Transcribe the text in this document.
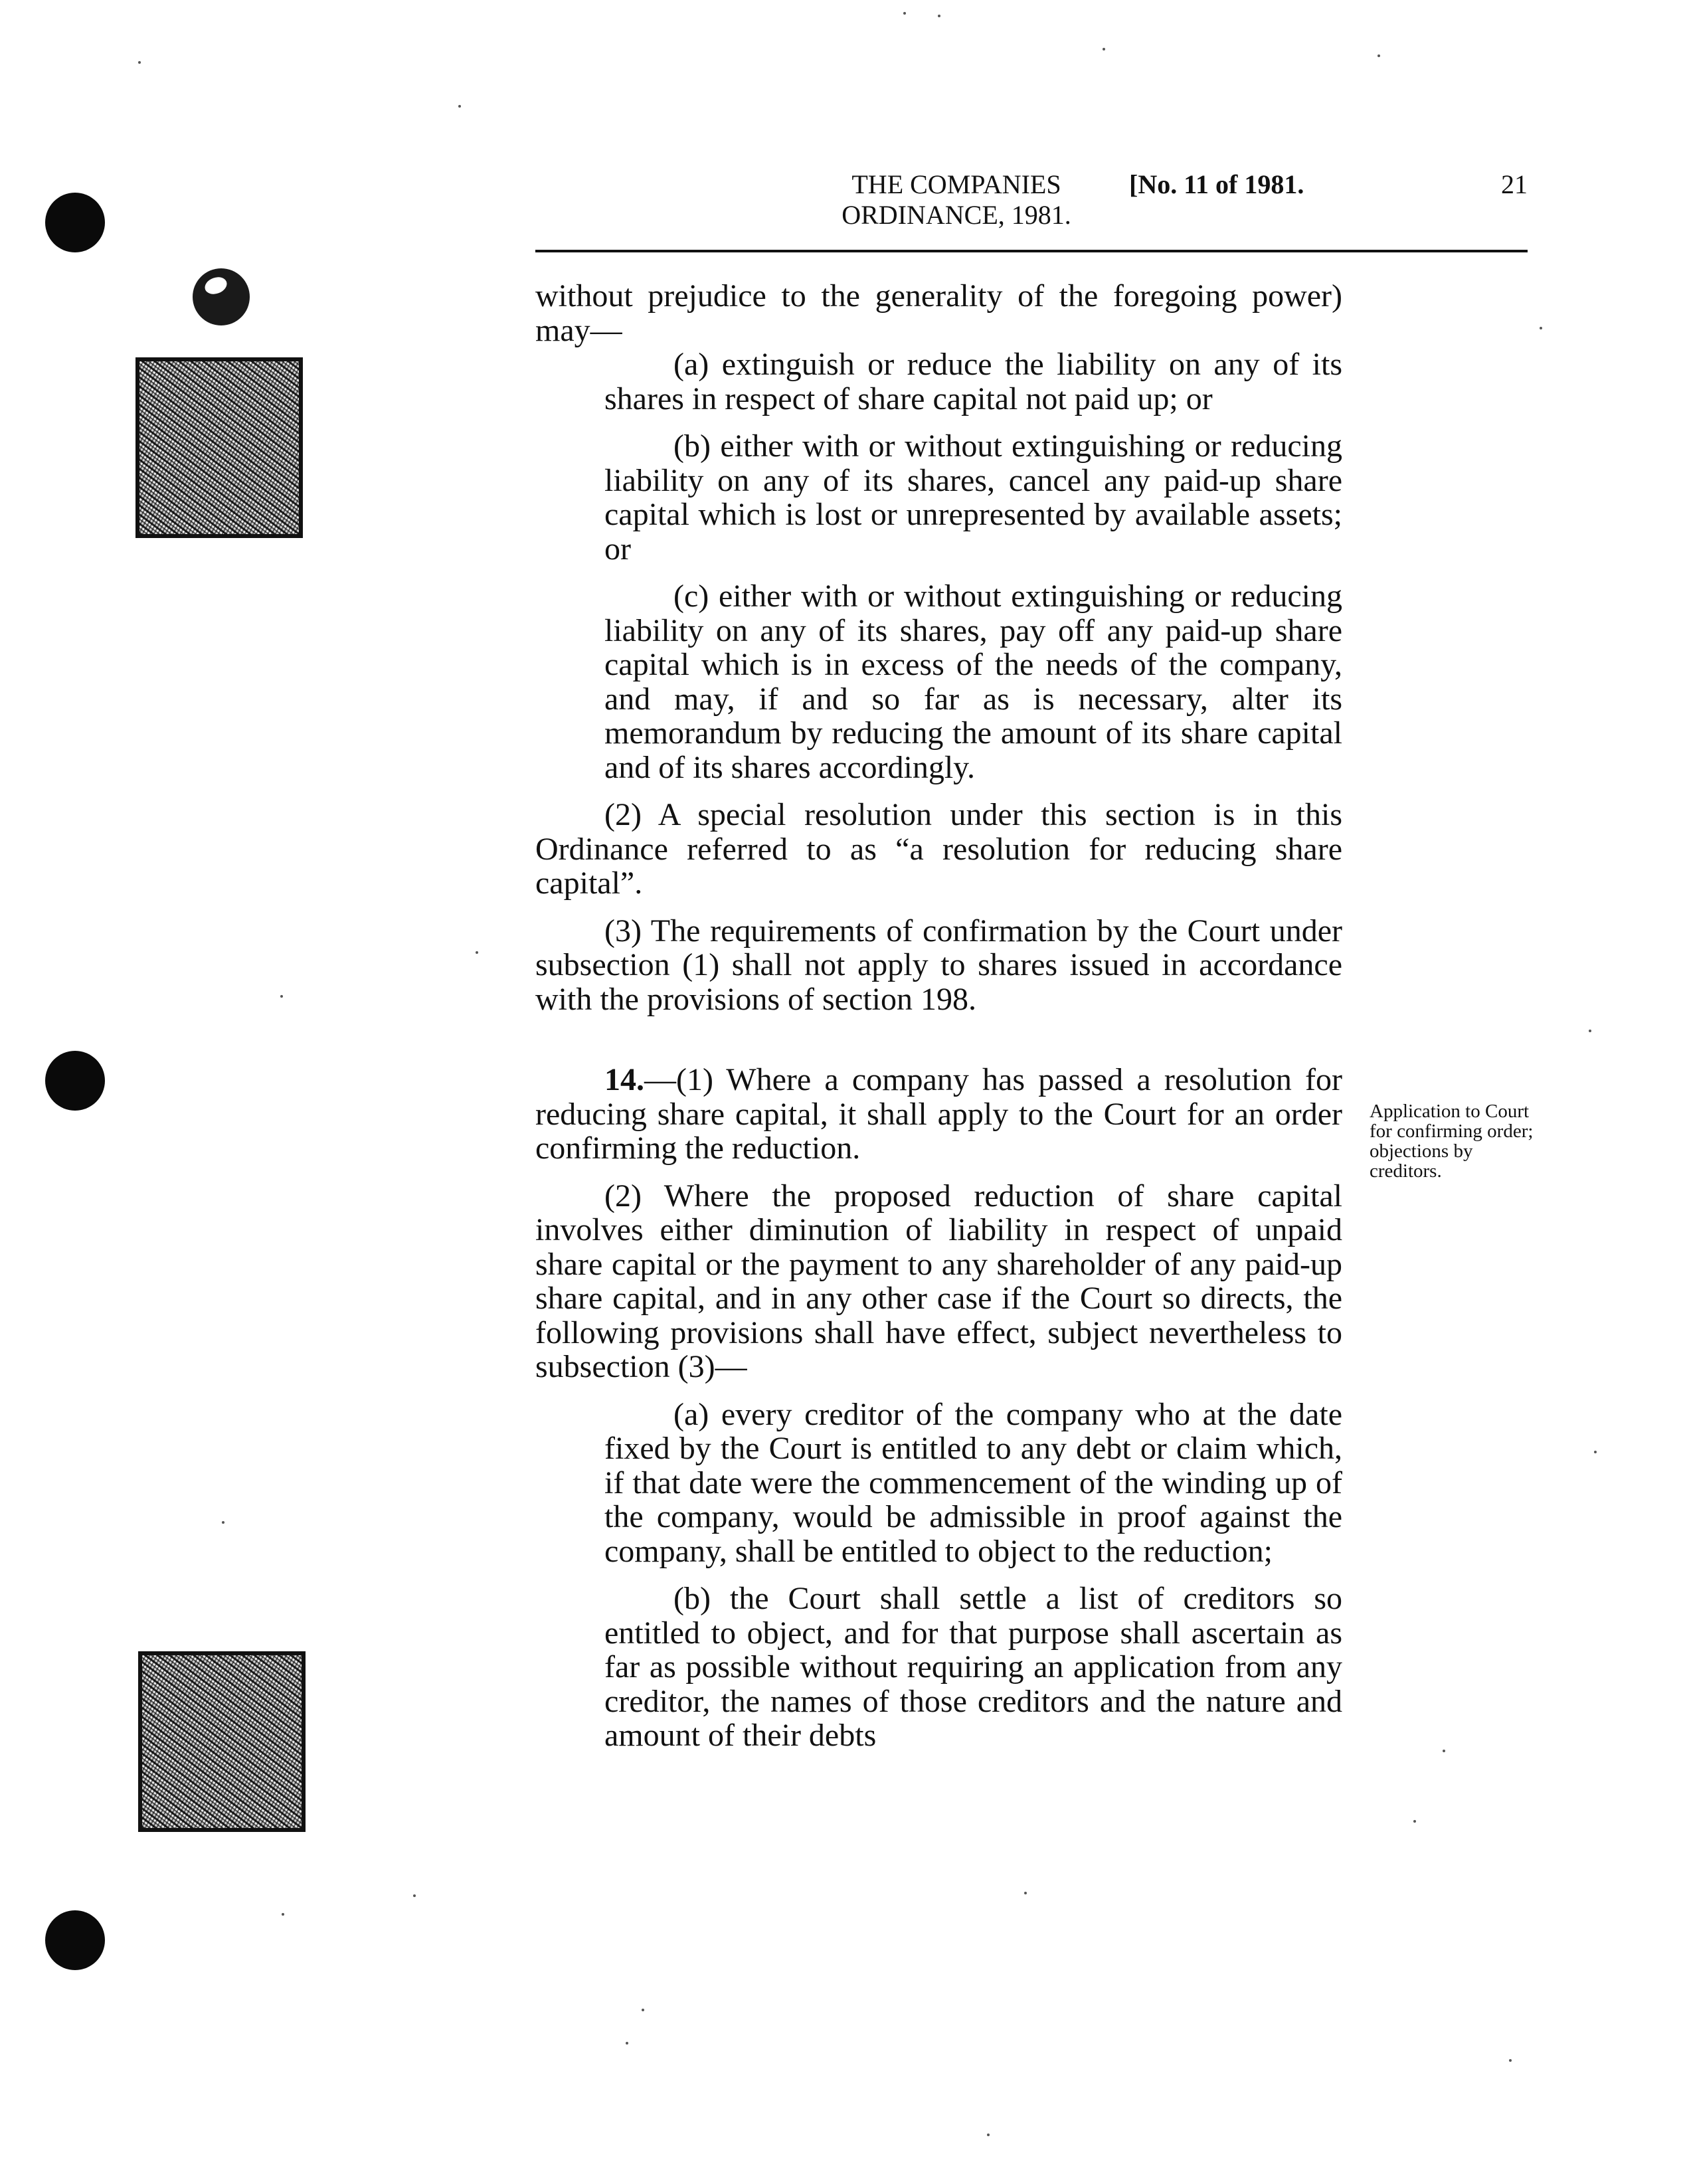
THE COMPANIES
ORDINANCE, 1981.
[No. 11 of 1981.	21

without prejudice to the generality of the foregoing power) may—

(a) extinguish or reduce the liability on any of its shares in respect of share capital not paid up; or

(b) either with or without extinguishing or reducing liability on any of its shares, cancel any paid-up share capital which is lost or unrepresented by available assets; or

(c) either with or without extinguishing or reducing liability on any of its shares, pay off any paid-up share capital which is in excess of the needs of the company, and may, if and so far as is necessary, alter its memorandum by reducing the amount of its share capital and of its shares accordingly.

(2) A special resolution under this section is in this Ordinance referred to as “a resolution for reducing share capital”.

(3) The requirements of confirmation by the Court under subsection (1) shall not apply to shares issued in accordance with the provisions of section 198.

14.—(1) Where a company has passed a resolution for reducing share capital, it shall apply to the Court for an order confirming the reduction.

(2) Where the proposed reduction of share capital involves either diminution of liability in respect of unpaid share capital or the payment to any shareholder of any paid-up share capital, and in any other case if the Court so directs, the following provisions shall have effect, subject nevertheless to subsection (3)—

(a) every creditor of the company who at the date fixed by the Court is entitled to any debt or claim which, if that date were the commencement of the winding up of the company, would be admissible in proof against the company, shall be entitled to object to the reduction;

(b) the Court shall settle a list of creditors so entitled to object, and for that purpose shall ascertain as far as possible without requiring an application from any creditor, the names of those creditors and the nature and amount of their debts

Application to Court for confirming order; objections by creditors.
